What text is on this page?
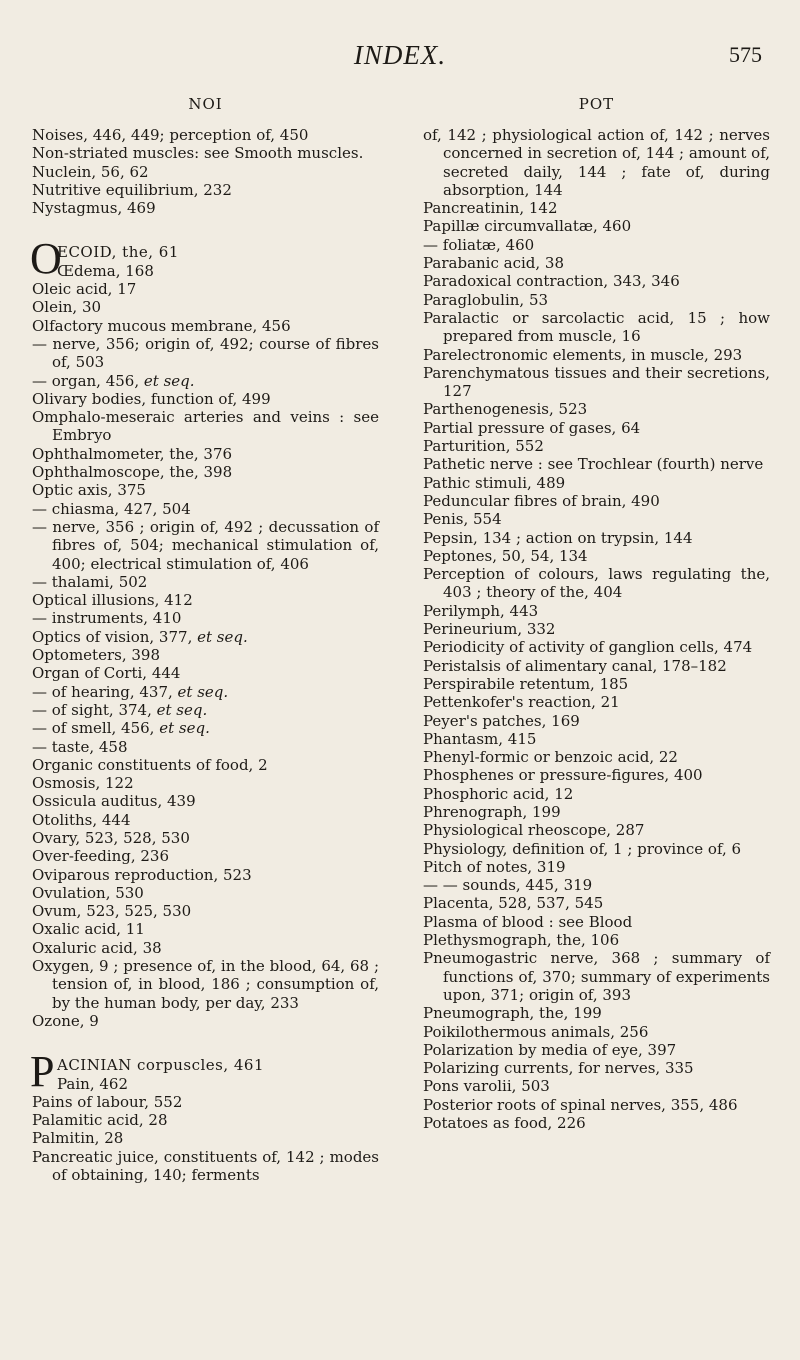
INDEX.	575
NOI
Noises, 446, 449; perception of, 450
Non-striated muscles: see Smooth muscles.
Nuclein, 56, 62
Nutritive equilibrium, 232
Nystagmus, 469
O
ECOID, the, 61
Œdema, 168
Oleic acid, 17
Olein, 30
Olfactory mucous membrane, 456
— nerve, 356; origin of, 492; course of fibres of, 503
— organ, 456, et seq.
Olivary bodies, function of, 499
Omphalo-meseraic arteries and veins : see Embryo
Ophthalmometer, the, 376
Ophthalmoscope, the, 398
Optic axis, 375
— chiasma, 427, 504
— nerve, 356 ; origin of, 492 ; decussation of fibres of, 504; mechanical stimulation of, 400; electrical stimulation of, 406
— thalami, 502
Optical illusions, 412
— instruments, 410
Optics of vision, 377, et seq.
Optometers, 398
Organ of Corti, 444
— of hearing, 437, et seq.
— of sight, 374, et seq.
— of smell, 456, et seq.
— taste, 458
Organic constituents of food, 2
Osmosis, 122
Ossicula auditus, 439
Otoliths, 444
Ovary, 523, 528, 530
Over-feeding, 236
Oviparous reproduction, 523
Ovulation, 530
Ovum, 523, 525, 530
Oxalic acid, 11
Oxaluric acid, 38
Oxygen, 9 ; presence of, in the blood, 64, 68 ; tension of, in blood, 186 ; consumption of, by the human body, per day, 233
Ozone, 9
P ACINIAN corpuscles, 461
Pain, 462
Pains of labour, 552
Palamitic acid, 28
Palmitin, 28
Pancreatic juice, constituents of, 142 ; modes of obtaining, 140; ferments
POT
of, 142 ; physiological action of, 142 ; nerves concerned in secretion of, 144 ; amount of, secreted daily, 144 ; fate of, during absorption, 144
Pancreatinin, 142
Papillæ circumvallatæ, 460
— foliatæ, 460
Parabanic acid, 38
Paradoxical contraction, 343, 346
Paraglobulin, 53
Paralactic or sarcolactic acid, 15 ; how prepared from muscle, 16
Parelectronomic elements, in muscle, 293
Parenchymatous tissues and their secretions, 127
Parthenogenesis, 523
Partial pressure of gases, 64
Parturition, 552
Pathetic nerve : see Trochlear (fourth) nerve
Pathic stimuli, 489
Peduncular fibres of brain, 490
Penis, 554
Pepsin, 134 ; action on trypsin, 144
Peptones, 50, 54, 134
Perception of colours, laws regulating the, 403 ; theory of the, 404
Perilymph, 443
Perineurium, 332
Periodicity of activity of ganglion cells, 474
Peristalsis of alimentary canal, 178–182
Perspirabile retentum, 185
Pettenkofer's reaction, 21
Peyer's patches, 169
Phantasm, 415
Phenyl-formic or benzoic acid, 22
Phosphenes or pressure-figures, 400
Phosphoric acid, 12
Phrenograph, 199
Physiological rheoscope, 287
Physiology, definition of, 1 ; province of, 6
Pitch of notes, 319
— — sounds, 445, 319
Placenta, 528, 537, 545
Plasma of blood : see Blood
Plethysmograph, the, 106
Pneumogastric nerve, 368 ; summary of functions of, 370; summary of experiments upon, 371; origin of, 393
Pneumograph, the, 199
Poikilothermous animals, 256
Polarization by media of eye, 397
Polarizing currents, for nerves, 335
Pons varolii, 503
Posterior roots of spinal nerves, 355, 486
Potatoes as food, 226
